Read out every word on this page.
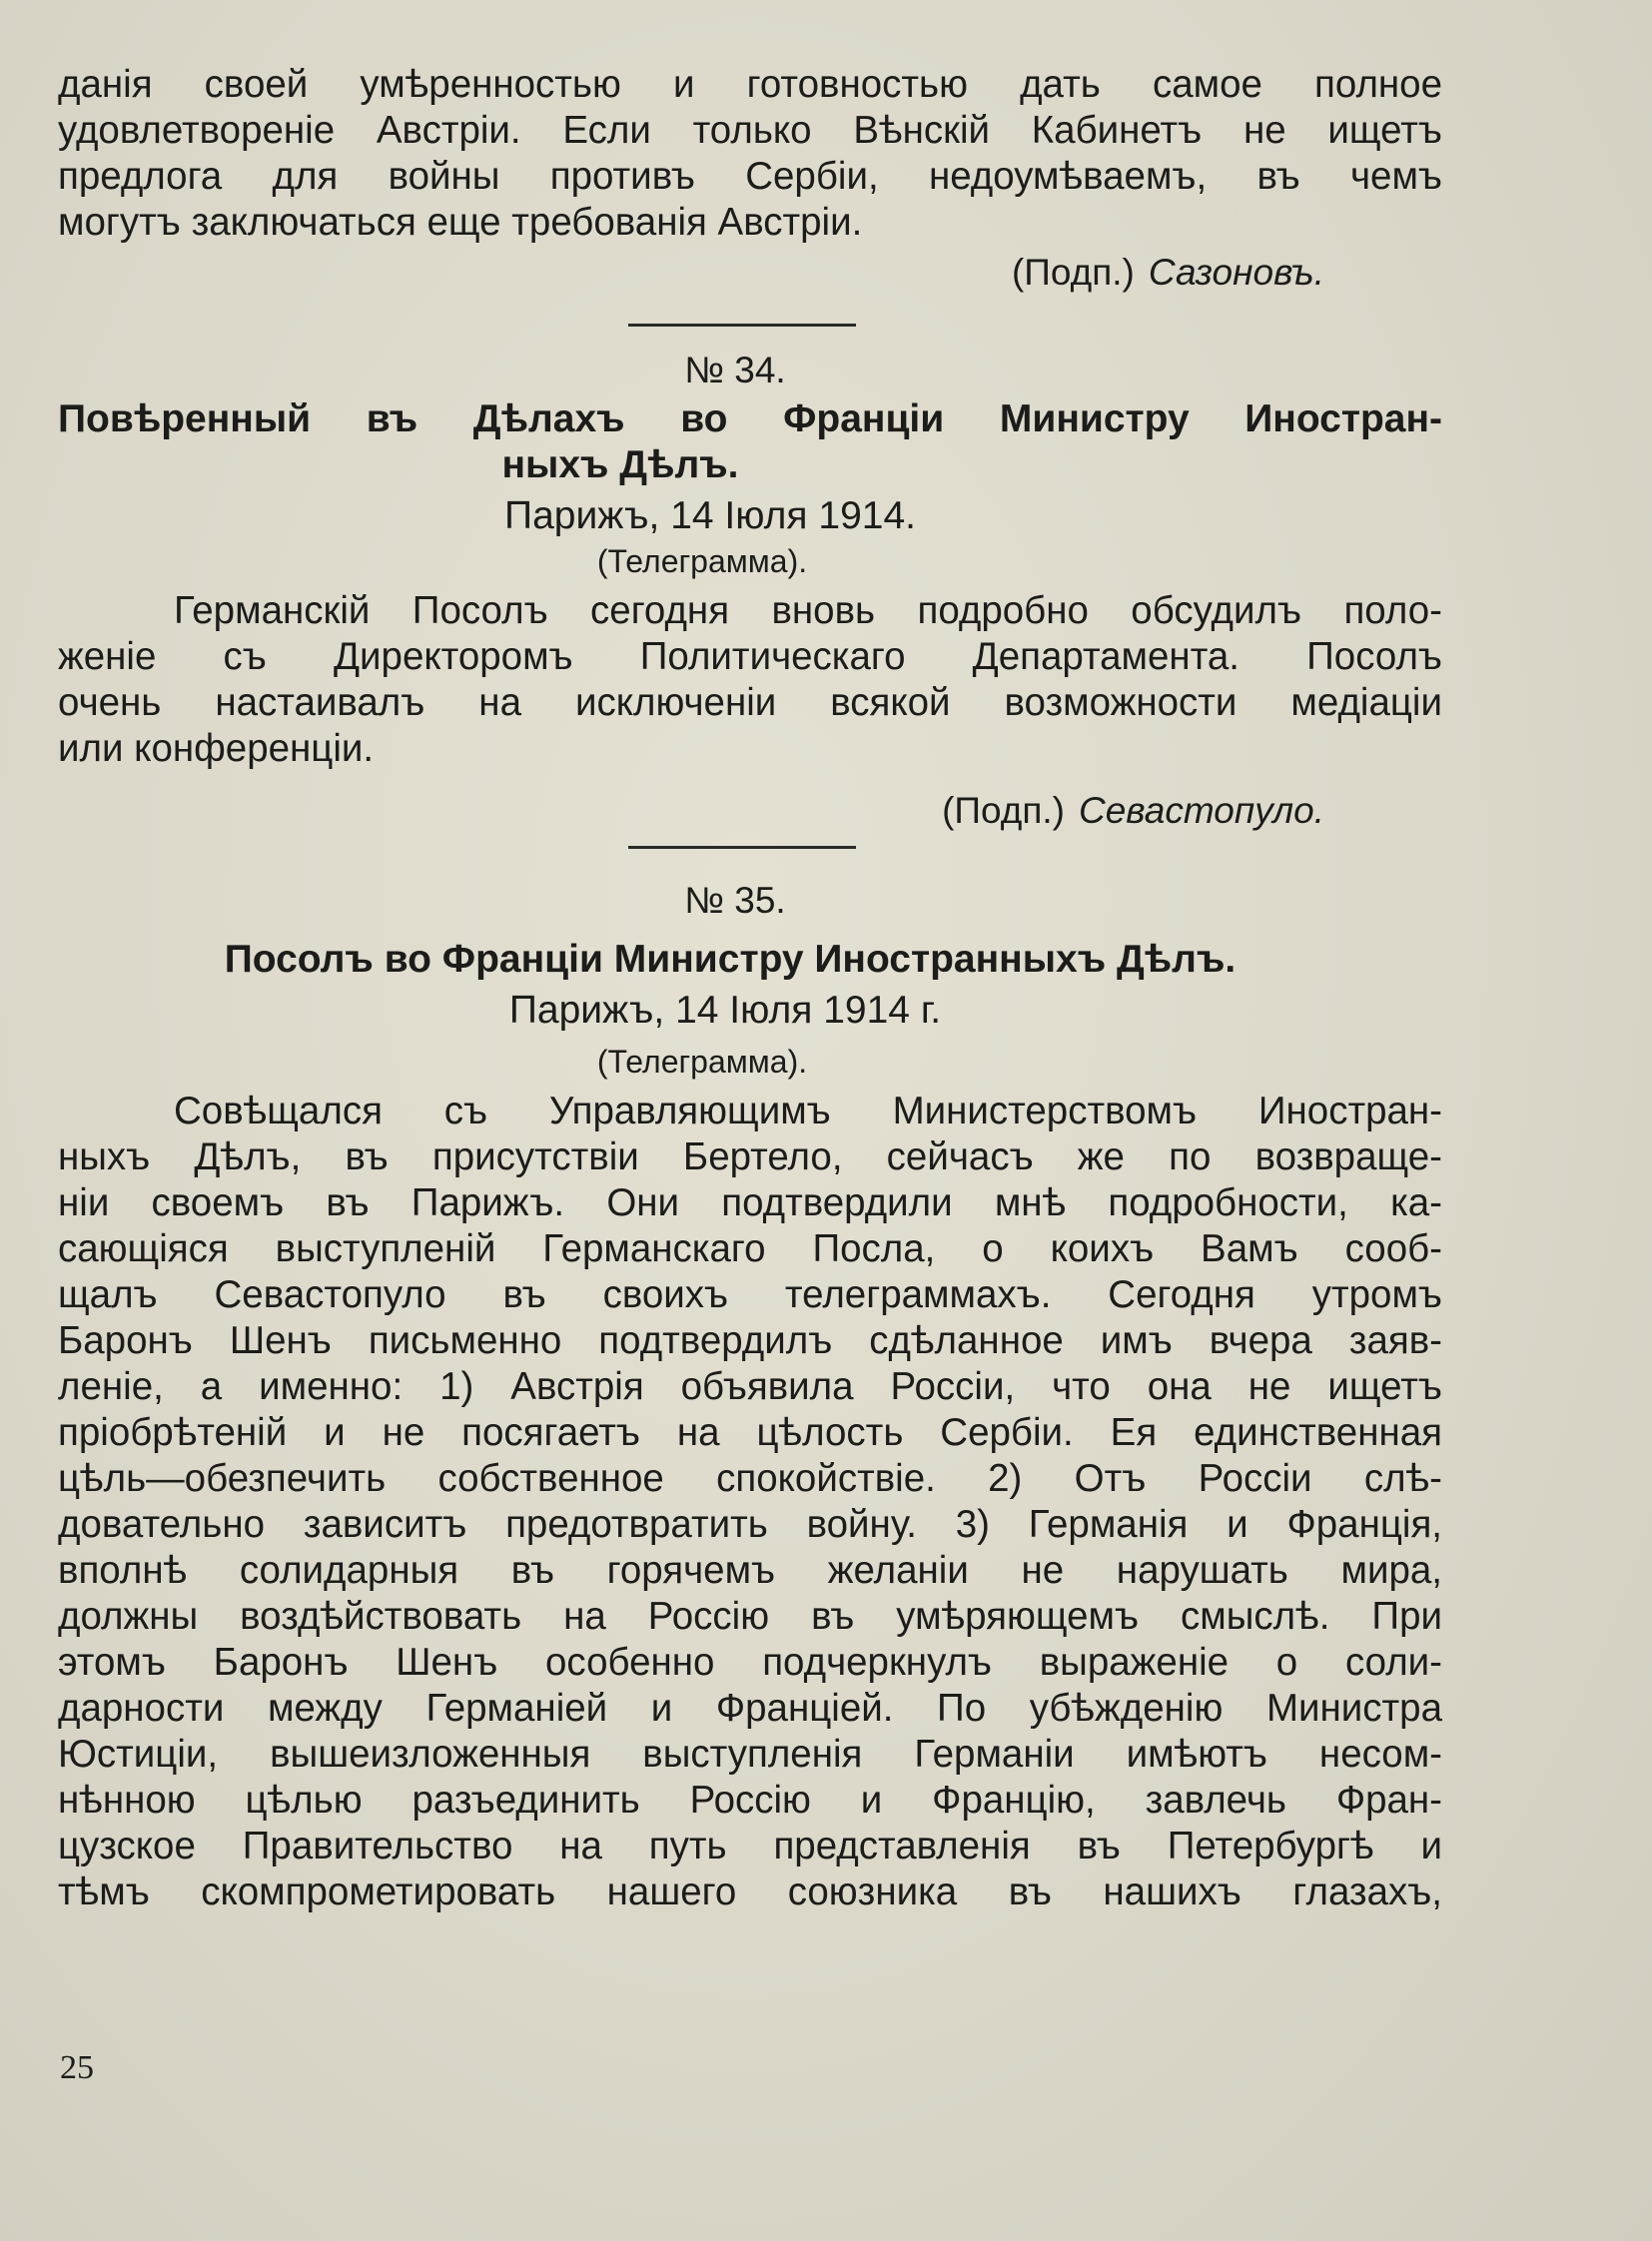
данія своей умѣренностью и готовностью дать самое полное

удовлетвореніе Австріи. Если только Вѣнскій Кабинетъ не ищетъ

предлога для войны противъ Сербіи, недоумѣваемъ, въ чемъ

могутъ заключаться еще требованія Австріи.

(Подп.) Сазоновъ.

№ 34.

Повѣренный въ Дѣлахъ во Франціи Министру Иностран-

ныхъ Дѣлъ.

Парижъ, 14 Іюля 1914.

(Телеграмма).

Германскій Посолъ сегодня вновь подробно обсудилъ поло-

женіе съ Директоромъ Политическаго Департамента. Посолъ

очень настаивалъ на исключеніи всякой возможности медіаціи

или конференціи.

(Подп.) Севастопуло.

№ 35.

Посолъ во Франціи Министру Иностранныхъ Дѣлъ.

Парижъ, 14 Іюля 1914 г.

(Телеграмма).

Совѣщался съ Управляющимъ Министерствомъ Иностран-

ныхъ Дѣлъ, въ присутствіи Бертело, сейчасъ же по возвраще-

ніи своемъ въ Парижъ. Они подтвердили мнѣ подробности, ка-

сающіяся выступленій Германскаго Посла, о коихъ Вамъ сооб-

щалъ Севастопуло въ своихъ телеграммахъ. Сегодня утромъ

Баронъ Шенъ письменно подтвердилъ сдѣланное имъ вчера заяв-

леніе, а именно: 1) Австрія объявила Россіи, что она не ищетъ

пріобрѣтеній и не посягаетъ на цѣлость Сербіи. Ея единственная

цѣль—обезпечить собственное спокойствіе. 2) Отъ Россіи слѣ-

довательно зависитъ предотвратить войну. 3) Германія и Франція,

вполнѣ солидарныя въ горячемъ желаніи не нарушать мира,

должны воздѣйствовать на Россію въ умѣряющемъ смыслѣ. При

этомъ Баронъ Шенъ особенно подчеркнулъ выраженіе о соли-

дарности между Германіей и Франціей. По убѣжденію Министра

Юстиціи, вышеизложенныя выступленія Германіи имѣютъ несом-

нѣнною цѣлью разъединить Россію и Францію, завлечь Фран-

цузское Правительство на путь представленія въ Петербургѣ и

тѣмъ скомпрометировать нашего союзника въ нашихъ глазахъ,

25
